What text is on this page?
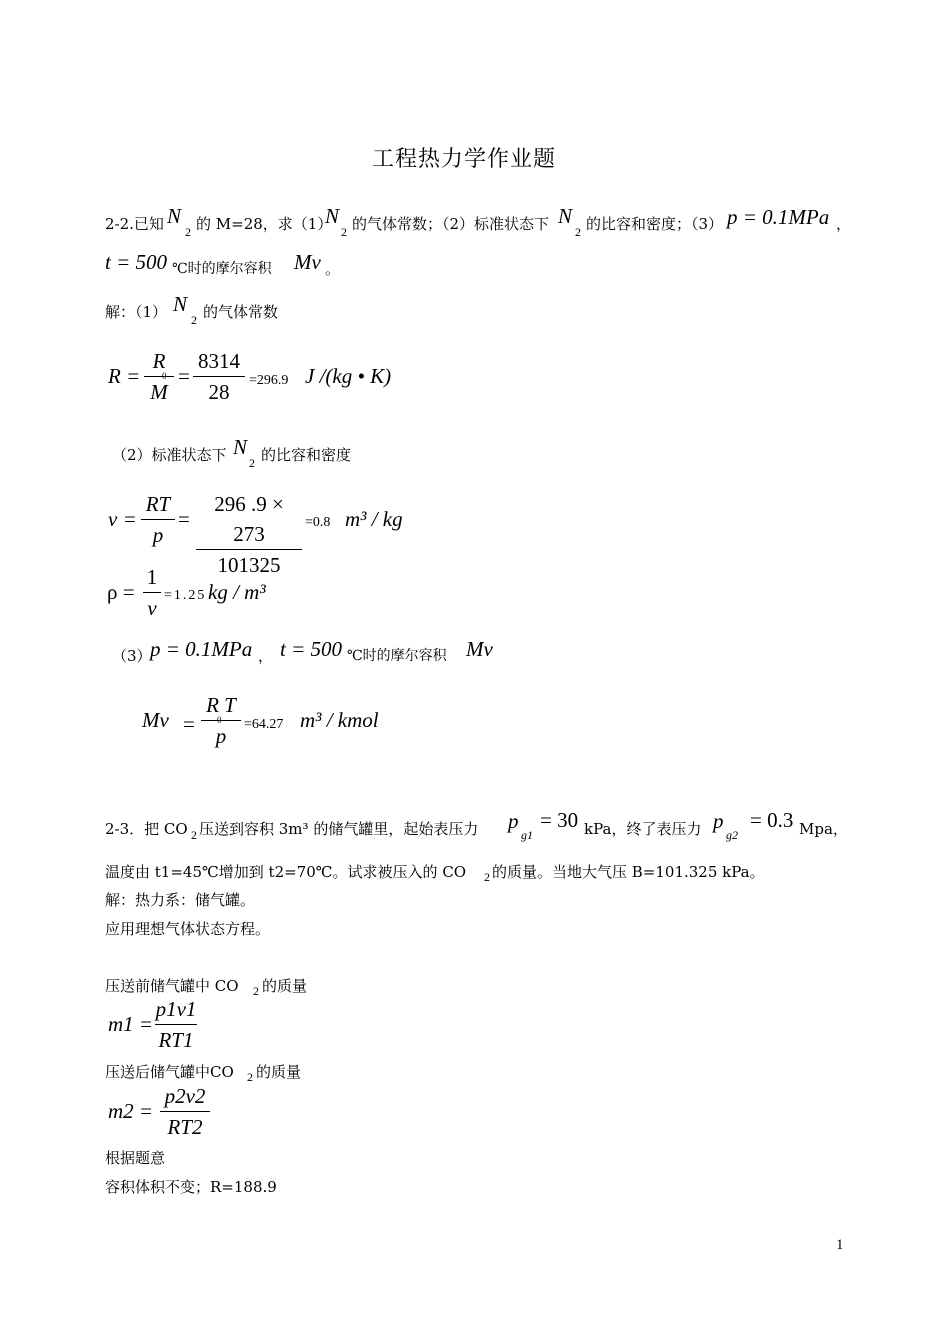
工程热力学作业题
2-2.已知 N
2 的 M=28，求（1）
N
2 的气体常数；（2）标准状态下 N
2 的比容和密度；（3） p = 0.1MPa ，
t = 500 ℃时的摩尔容积 Mv 。
解：（1） N
2 的气体常数
R =
R
M
0 =
8314
28	=296.9 J /(kg • K)
（2）标准状态下 N
2 的比容和密度
v =
RT
p
=
296 .9 × 273
101325
=0.8 m³ / kg
ρ =
1
v
=1.25 kg / m³
（3）
p = 0.1MPa ， t = 500 ℃时的摩尔容积 Mv
Mv =
R T
p
0 =64.27 m³ / kmol
2-3．把 CO 2 压送到容积 3m³ 的储气罐里，起始表压力 p
g1
= 30 kPa，终了表压力 p
g2
= 0.3 Mpa，
温度由 t1=45℃增加到 t2=70℃。试求被压入的 CO 2 的质量。当地大气压 B=101.325 kPa。
解：热力系：储气罐。
应用理想气体状态方程。
压送前储气罐中 CO 2 的质量
m1 =
p1v1
RT1
压送后储气罐中CO 2 的质量
m2 =
p2v2
RT2
根据题意
容积体积不变；R=188.9
1
